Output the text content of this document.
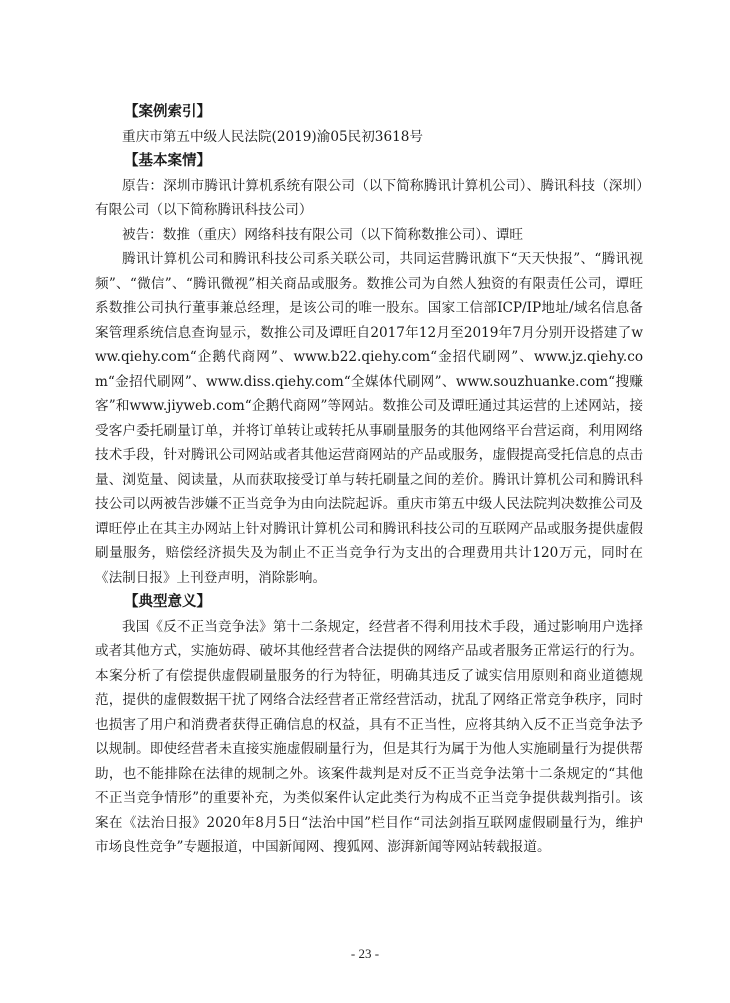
【案例索引】

重庆市第五中级人民法院(2019)渝05民初3618号

【基本案情】

原告：深圳市腾讯计算机系统有限公司（以下简称腾讯计算机公司）、腾讯科技（深圳）有限公司（以下简称腾讯科技公司）

被告：数推（重庆）网络科技有限公司（以下简称数推公司）、谭旺

腾讯计算机公司和腾讯科技公司系关联公司，共同运营腾讯旗下“天天快报”、“腾讯视频”、“微信”、“腾讯微视”相关商品或服务。数推公司为自然人独资的有限责任公司，谭旺系数推公司执行董事兼总经理，是该公司的唯一股东。国家工信部ICP/IP地址/域名信息备案管理系统信息查询显示，数推公司及谭旺自2017年12月至2019年7月分别开设搭建了www.qiehy.com“企鹅代商网”、www.b22.qiehy.com“金招代刷网”、www.jz.qiehy.com“金招代刷网”、www.diss.qiehy.com“全媒体代刷网”、www.souzhuanke.com“搜赚客”和www.jiyweb.com“企鹅代商网”等网站。数推公司及谭旺通过其运营的上述网站，接受客户委托刷量订单，并将订单转让或转托从事刷量服务的其他网络平台营运商，利用网络技术手段，针对腾讯公司网站或者其他运营商网站的产品或服务，虚假提高受托信息的点击量、浏览量、阅读量，从而获取接受订单与转托刷量之间的差价。腾讯计算机公司和腾讯科技公司以两被告涉嫌不正当竞争为由向法院起诉。重庆市第五中级人民法院判决数推公司及谭旺停止在其主办网站上针对腾讯计算机公司和腾讯科技公司的互联网产品或服务提供虚假刷量服务，赔偿经济损失及为制止不正当竞争行为支出的合理费用共计120万元，同时在《法制日报》上刊登声明，消除影响。

【典型意义】

我国《反不正当竞争法》第十二条规定，经营者不得利用技术手段，通过影响用户选择或者其他方式，实施妨碍、破坏其他经营者合法提供的网络产品或者服务正常运行的行为。本案分析了有偿提供虚假刷量服务的行为特征，明确其违反了诚实信用原则和商业道德规范，提供的虚假数据干扰了网络合法经营者正常经营活动，扰乱了网络正常竞争秩序，同时也损害了用户和消费者获得正确信息的权益，具有不正当性，应将其纳入反不正当竞争法予以规制。即使经营者未直接实施虚假刷量行为，但是其行为属于为他人实施刷量行为提供帮助，也不能排除在法律的规制之外。该案件裁判是对反不正当竞争法第十二条规定的“其他不正当竞争情形”的重要补充，为类似案件认定此类行为构成不正当竞争提供裁判指引。该案在《法治日报》2020年8月5日“法治中国”栏目作“司法剑指互联网虚假刷量行为，维护市场良性竞争”专题报道，中国新闻网、搜狐网、澎湃新闻等网站转载报道。

- 23 -
